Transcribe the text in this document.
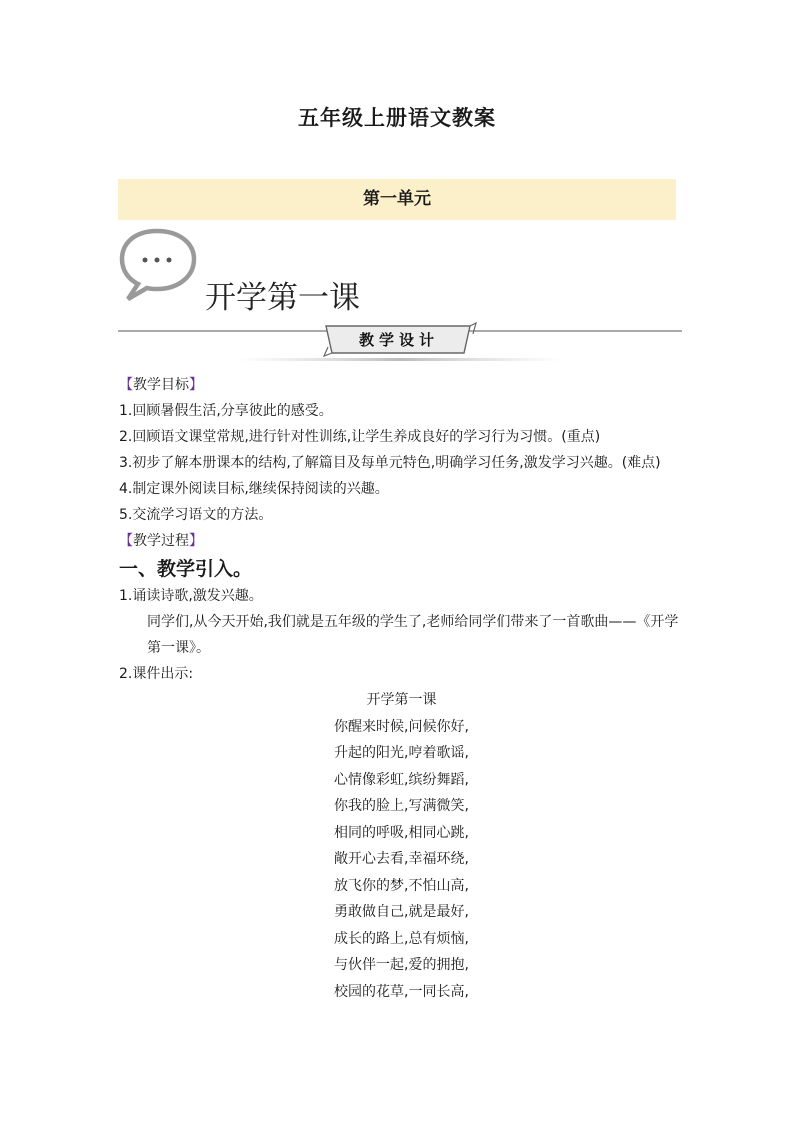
五年级上册语文教案
第一单元
开学第一课
教学设计

【教学目标】

1.回顾暑假生活,分享彼此的感受。

2.回顾语文课堂常规,进行针对性训练,让学生养成良好的学习行为习惯。(重点)

3.初步了解本册课本的结构,了解篇目及每单元特色,明确学习任务,激发学习兴趣。(难点)

4.制定课外阅读目标,继续保持阅读的兴趣。

5.交流学习语文的方法。

【教学过程】

一、教学引入。

1.诵读诗歌,激发兴趣。

同学们,从今天开始,我们就是五年级的学生了,老师给同学们带来了一首歌曲——《开学第一课》。

2.课件出示:

开学第一课

你醒来时候,问候你好,

升起的阳光,哼着歌谣,

心情像彩虹,缤纷舞蹈,

你我的脸上,写满微笑,

相同的呼吸,相同心跳,

敞开心去看,幸福环绕,

放飞你的梦,不怕山高,

勇敢做自己,就是最好,

成长的路上,总有烦恼,

与伙伴一起,爱的拥抱,

校园的花草,一同长高,
